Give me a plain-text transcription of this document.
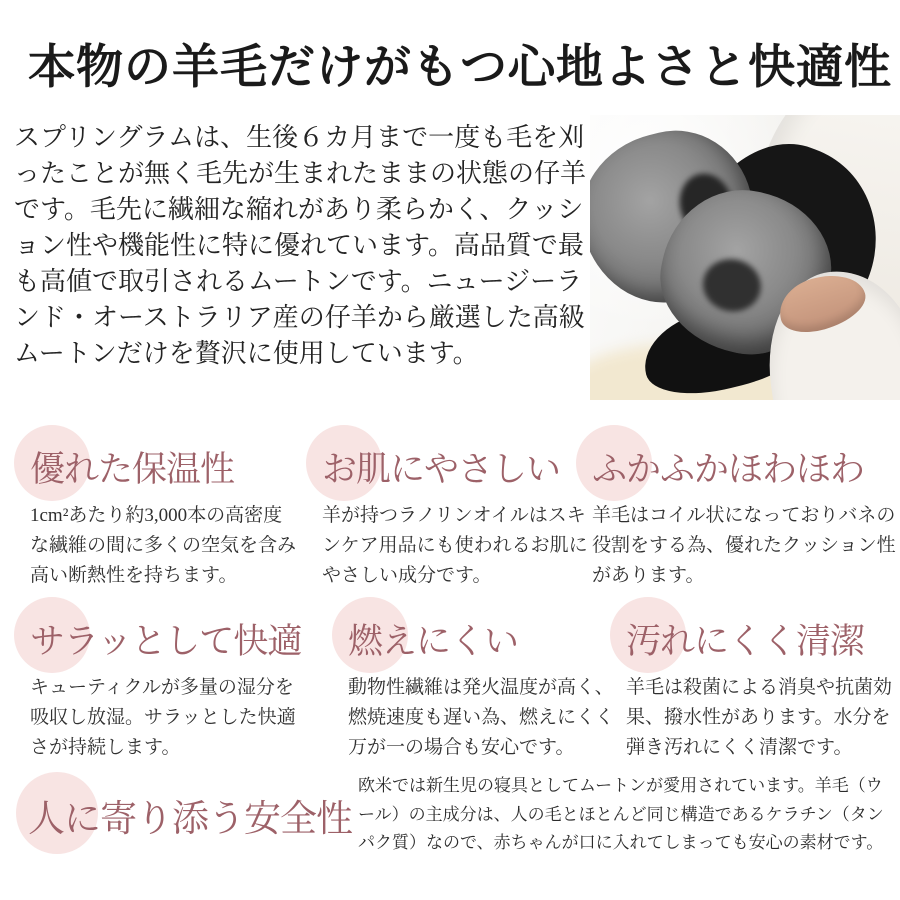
本物の羊毛だけがもつ心地よさと快適性

スプリングラムは、生後６カ月まで一度も毛を刈ったことが無く毛先が生まれたままの状態の仔羊です。毛先に繊細な縮れがあり柔らかく、クッション性や機能性に特に優れています。高品質で最も高値で取引されるムートンです。ニュージーランド・オーストラリア産の仔羊から厳選した高級ムートンだけを贅沢に使用しています。

優れた保温性

1cm²あたり約3,000本の高密度な繊維の間に多くの空気を含み高い断熱性を持ちます。

お肌にやさしい

羊が持つラノリンオイルはスキンケア用品にも使われるお肌にやさしい成分です。

ふかふかほわほわ

羊毛はコイル状になっておりバネの役割をする為、優れたクッション性があります。

サラッとして快適

キューティクルが多量の湿分を吸収し放湿。サラッとした快適さが持続します。

燃えにくい

動物性繊維は発火温度が高く、燃焼速度も遅い為、燃えにくく万が一の場合も安心です。

汚れにくく清潔

羊毛は殺菌による消臭や抗菌効果、撥水性があります。水分を弾き汚れにくく清潔です。

人に寄り添う安全性

欧米では新生児の寝具としてムートンが愛用されています。羊毛（ウール）の主成分は、人の毛とほとんど同じ構造であるケラチン（タンパク質）なので、赤ちゃんが口に入れてしまっても安心の素材です。
